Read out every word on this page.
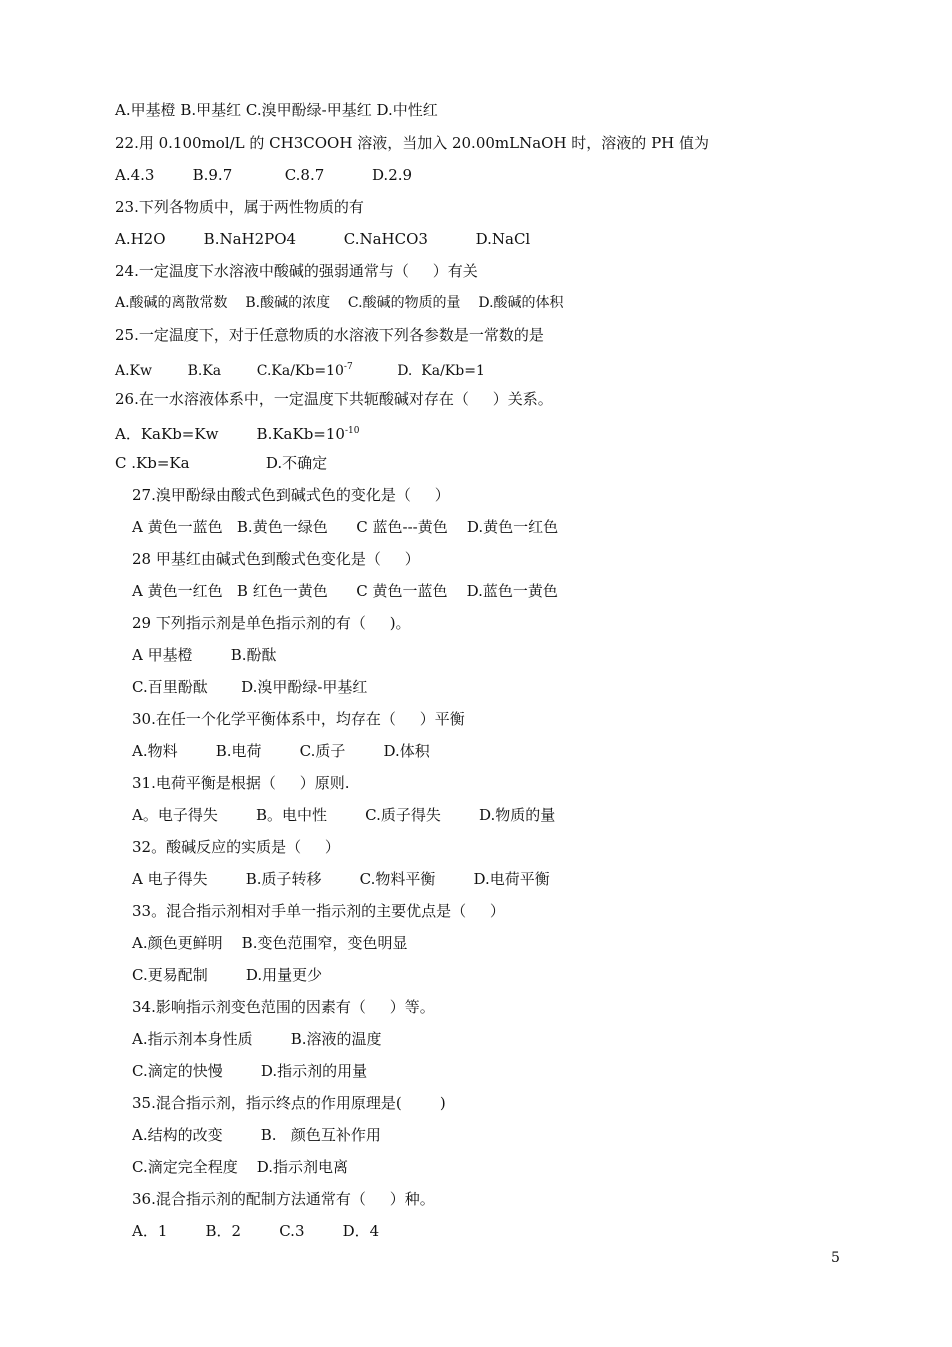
A.甲基橙 B.甲基红 C.溴甲酚绿-甲基红 D.中性红
22.用 0.100mol/L 的 CH3COOH 溶液，当加入 20.00mLNaOH 时，溶液的 PH 值为
A.4.3        B.9.7           C.8.7          D.2.9
23.下列各物质中，属于两性物质的有
A.H2O        B.NaH2PO4          C.NaHCO3          D.NaCl
24.一定温度下水溶液中酸碱的强弱通常与（     ）有关
A.酸碱的离散常数    B.酸碱的浓度    C.酸碱的物质的量    D.酸碱的体积
25.一定温度下，对于任意物质的水溶液下列各参数是一常数的是
A.Kw        B.Ka        $C.Ka/Kb=10^{-7}$          D.  Ka/Kb=1
26.在一水溶液体系中，一定温度下共轭酸碱对存在（     ）关系。
A．KaKb=Kw        $B.KaKb=10^{-10}$
C .Kb=Ka                D.不确定
27.溴甲酚绿由酸式色到碱式色的变化是（     ）
A 黄色一蓝色   B.黄色一绿色      C 蓝色---黄色    D.黄色一红色
28 甲基红由碱式色到酸式色变化是（     ）
A 黄色一红色   B 红色一黄色      C 黄色一蓝色    D.蓝色一黄色
29 下列指示剂是单色指示剂的有（     )。
A 甲基橙        B.酚酞
C.百里酚酞       D.溴甲酚绿-甲基红
30.在任一个化学平衡体系中，均存在（     ）平衡
A.物料        B.电荷        C.质子        D.体积
31.电荷平衡是根据（     ）原则.
A。电子得失        B。电中性        C.质子得失        D.物质的量
32。酸碱反应的实质是（     ）
A 电子得失        B.质子转移        C.物料平衡        D.电荷平衡
33。混合指示剂相对手单一指示剂的主要优点是（     ）
A.颜色更鲜明    B.变色范围窄，变色明显
C.更易配制        D.用量更少
34.影响指示剂变色范围的因素有（     ）等。
A.指示剂本身性质        B.溶液的温度
C.滴定的快慢        D.指示剂的用量
35.混合指示剂，指示终点的作用原理是(        )
A.结构的改变        B.   颜色互补作用
C.滴定完全程度    D.指示剂电离
36.混合指示剂的配制方法通常有（     ）种。
A．1        B．2        C.3        D．4
5
